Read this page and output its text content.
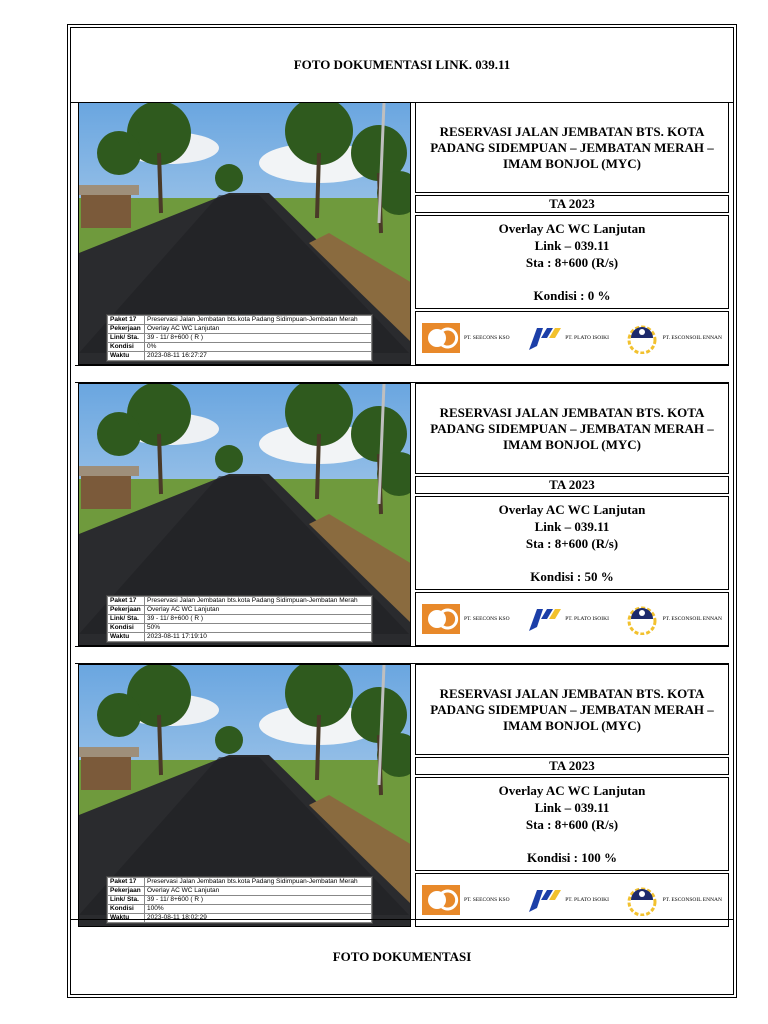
FOTO DOKUMENTASI LINK. 039.11
Paket 17	Preservasi Jalan Jembatan bts.kota Padang Sidimpuan-Jembatan Merah
Pekerjaan	Overlay AC WC Lanjutan
Link/ Sta.	39 - 11/ 8+600 ( R )
Kondisi	0%
Waktu	2023-08-11 16:27:27
RESERVASI JALAN JEMBATAN BTS. KOTA PADANG SIDEMPUAN – JEMBATAN MERAH – IMAM BONJOL (MYC)
TA 2023
Overlay AC WC Lanjutan
Link – 039.11
Sta : 8+600 (R/s)
Kondisi : 0 %
PT. SEECONS KSO	PT. PLATO ISOIKI	PT. ESCONSOIL ENNAN
Paket 17	Preservasi Jalan Jembatan bts.kota Padang Sidimpuan-Jembatan Merah
Pekerjaan	Overlay AC WC Lanjutan
Link/ Sta.	39 - 11/ 8+600 ( R )
Kondisi	50%
Waktu	2023-08-11 17:19:10
RESERVASI JALAN JEMBATAN BTS. KOTA PADANG SIDEMPUAN – JEMBATAN MERAH – IMAM BONJOL (MYC)
TA 2023
Overlay AC WC Lanjutan
Link – 039.11
Sta : 8+600 (R/s)
Kondisi : 50 %
PT. SEECONS KSO	PT. PLATO ISOIKI	PT. ESCONSOIL ENNAN
Paket 17	Preservasi Jalan Jembatan bts.kota Padang Sidimpuan-Jembatan Merah
Pekerjaan	Overlay AC WC Lanjutan
Link/ Sta.	39 - 11/ 8+600 ( R )
Kondisi	100%
Waktu	2023-08-11 18:02:29
RESERVASI JALAN JEMBATAN BTS. KOTA PADANG SIDEMPUAN – JEMBATAN MERAH – IMAM BONJOL (MYC)
TA 2023
Overlay AC WC Lanjutan
Link – 039.11
Sta : 8+600 (R/s)
Kondisi : 100 %
PT. SEECONS KSO	PT. PLATO ISOIKI	PT. ESCONSOIL ENNAN
FOTO DOKUMENTASI
